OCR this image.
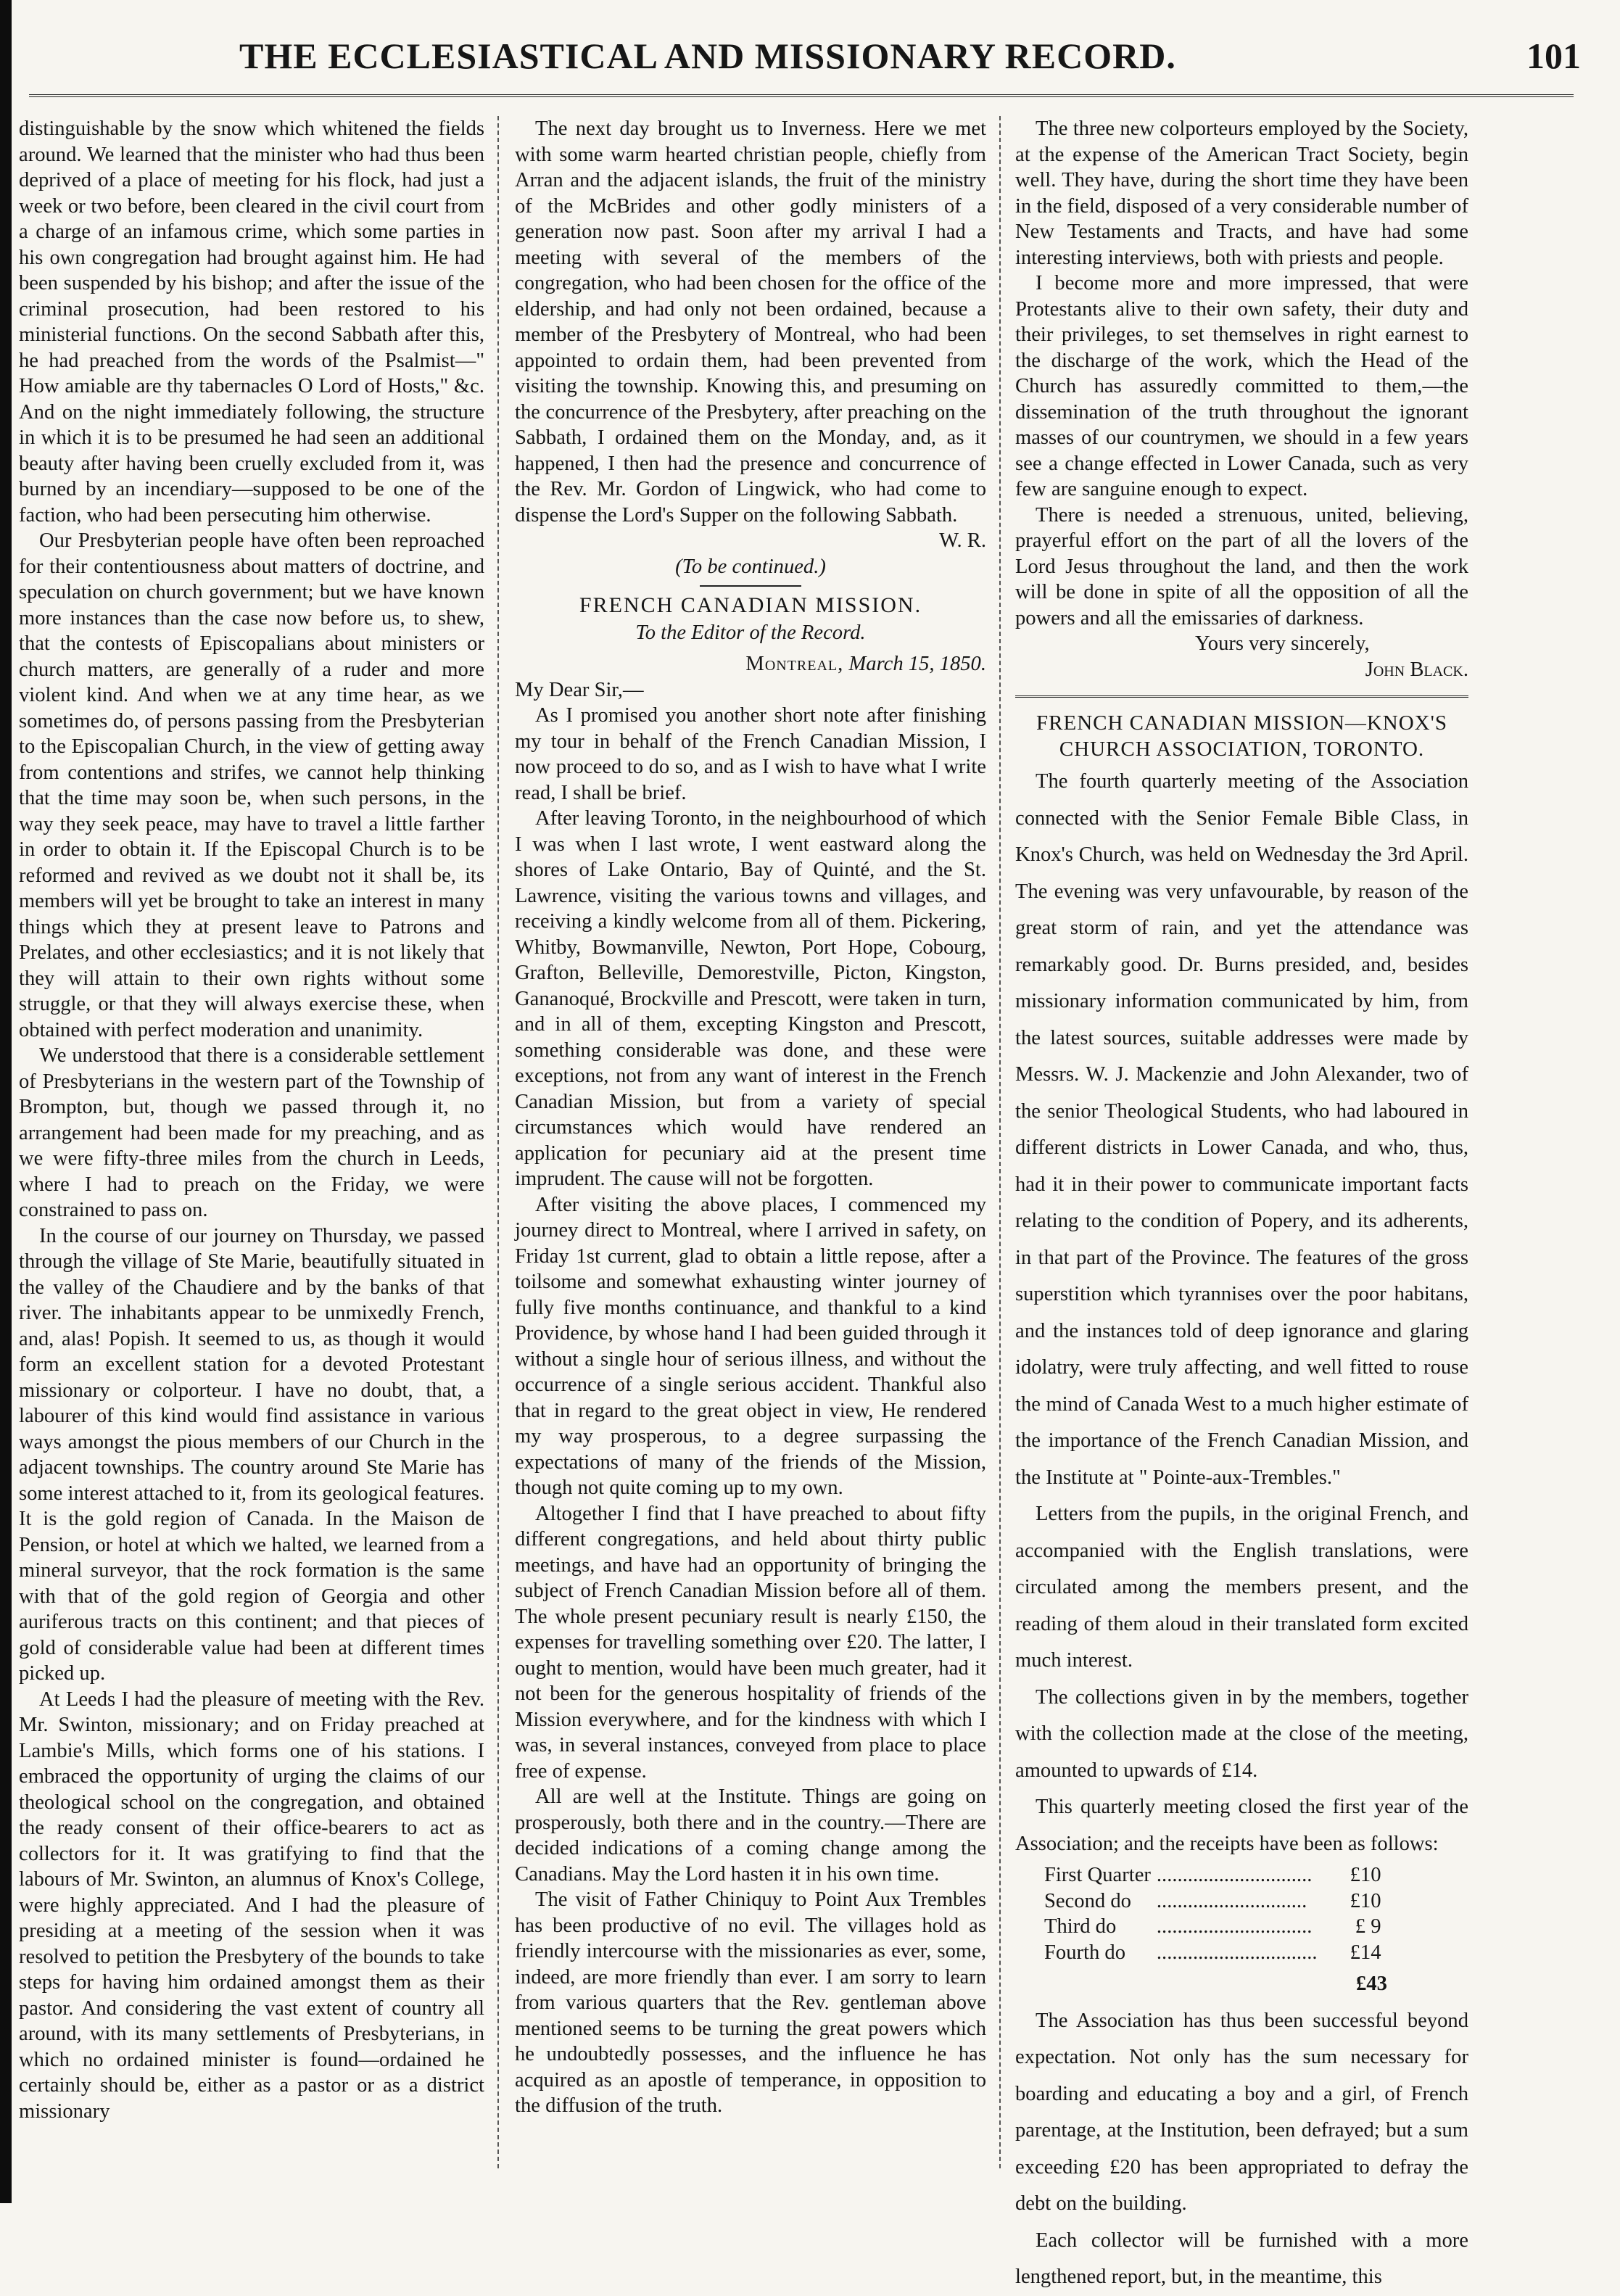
THE ECCLESIASTICAL AND MISSIONARY RECORD.	101

distinguishable by the snow which whitened the fields around. We learned that the minister who had thus been deprived of a place of meeting for his flock, had just a week or two before, been cleared in the civil court from a charge of an infamous crime, which some parties in his own congregation had brought against him. He had been suspended by his bishop; and after the issue of the criminal prosecution, had been restored to his ministerial functions. On the second Sabbath after this, he had preached from the words of the Psalmist—" How amiable are thy tabernacles O Lord of Hosts," &c. And on the night immediately following, the structure in which it is to be presumed he had seen an additional beauty after having been cruelly excluded from it, was burned by an incendiary—supposed to be one of the faction, who had been persecuting him otherwise.

Our Presbyterian people have often been reproached for their contentiousness about matters of doctrine, and speculation on church government; but we have known more instances than the case now before us, to shew, that the contests of Episcopalians about ministers or church matters, are generally of a ruder and more violent kind. And when we at any time hear, as we sometimes do, of persons passing from the Presbyterian to the Episcopalian Church, in the view of getting away from contentions and strifes, we cannot help thinking that the time may soon be, when such persons, in the way they seek peace, may have to travel a little farther in order to obtain it. If the Episcopal Church is to be reformed and revived as we doubt not it shall be, its members will yet be brought to take an interest in many things which they at present leave to Patrons and Prelates, and other ecclesiastics; and it is not likely that they will attain to their own rights without some struggle, or that they will always exercise these, when obtained with perfect moderation and unanimity.

We understood that there is a considerable settlement of Presbyterians in the western part of the Township of Brompton, but, though we passed through it, no arrangement had been made for my preaching, and as we were fifty-three miles from the church in Leeds, where I had to preach on the Friday, we were constrained to pass on.

In the course of our journey on Thursday, we passed through the village of Ste Marie, beautifully situated in the valley of the Chaudiere and by the banks of that river. The inhabitants appear to be unmixedly French, and, alas! Popish. It seemed to us, as though it would form an excellent station for a devoted Protestant missionary or colporteur. I have no doubt, that, a labourer of this kind would find assistance in various ways amongst the pious members of our Church in the adjacent townships. The country around Ste Marie has some interest attached to it, from its geological features. It is the gold region of Canada. In the Maison de Pension, or hotel at which we halted, we learned from a mineral surveyor, that the rock formation is the same with that of the gold region of Georgia and other auriferous tracts on this continent; and that pieces of gold of considerable value had been at different times picked up.

At Leeds I had the pleasure of meeting with the Rev. Mr. Swinton, missionary; and on Friday preached at Lambie's Mills, which forms one of his stations. I embraced the opportunity of urging the claims of our theological school on the congregation, and obtained the ready consent of their office-bearers to act as collectors for it. It was gratifying to find that the labours of Mr. Swinton, an alumnus of Knox's College, were highly appreciated. And I had the pleasure of presiding at a meeting of the session when it was resolved to petition the Presbytery of the bounds to take steps for having him ordained amongst them as their pastor. And considering the vast extent of country all around, with its many settlements of Presbyterians, in which no ordained minister is found—ordained he certainly should be, either as a pastor or as a district missionary

The next day brought us to Inverness. Here we met with some warm hearted christian people, chiefly from Arran and the adjacent islands, the fruit of the ministry of the McBrides and other godly ministers of a generation now past. Soon after my arrival I had a meeting with several of the members of the congregation, who had been chosen for the office of the eldership, and had only not been ordained, because a member of the Presbytery of Montreal, who had been appointed to ordain them, had been prevented from visiting the township. Knowing this, and presuming on the concurrence of the Presbytery, after preaching on the Sabbath, I ordained them on the Monday, and, as it happened, I then had the presence and concurrence of the Rev. Mr. Gordon of Lingwick, who had come to dispense the Lord's Supper on the following Sabbath.
W. R.

(To be continued.)

FRENCH CANADIAN MISSION.

To the Editor of the Record.

Montreal, March 15, 1850.

My Dear Sir,—

As I promised you another short note after finishing my tour in behalf of the French Canadian Mission, I now proceed to do so, and as I wish to have what I write read, I shall be brief.

After leaving Toronto, in the neighbourhood of which I was when I last wrote, I went eastward along the shores of Lake Ontario, Bay of Quinté, and the St. Lawrence, visiting the various towns and villages, and receiving a kindly welcome from all of them. Pickering, Whitby, Bowmanville, Newton, Port Hope, Cobourg, Grafton, Belleville, Demorestville, Picton, Kingston, Gananoqué, Brockville and Prescott, were taken in turn, and in all of them, excepting Kingston and Prescott, something considerable was done, and these were exceptions, not from any want of interest in the French Canadian Mission, but from a variety of special circumstances which would have rendered an application for pecuniary aid at the present time imprudent. The cause will not be forgotten.

After visiting the above places, I commenced my journey direct to Montreal, where I arrived in safety, on Friday 1st current, glad to obtain a little repose, after a toilsome and somewhat exhausting winter journey of fully five months continuance, and thankful to a kind Providence, by whose hand I had been guided through it without a single hour of serious illness, and without the occurrence of a single serious accident. Thankful also that in regard to the great object in view, He rendered my way prosperous, to a degree surpassing the expectations of many of the friends of the Mission, though not quite coming up to my own.

Altogether I find that I have preached to about fifty different congregations, and held about thirty public meetings, and have had an opportunity of bringing the subject of French Canadian Mission before all of them. The whole present pecuniary result is nearly £150, the expenses for travelling something over £20. The latter, I ought to mention, would have been much greater, had it not been for the generous hospitality of friends of the Mission everywhere, and for the kindness with which I was, in several instances, conveyed from place to place free of expense.

All are well at the Institute. Things are going on prosperously, both there and in the country.—There are decided indications of a coming change among the Canadians. May the Lord hasten it in his own time.

The visit of Father Chiniquy to Point Aux Trembles has been productive of no evil. The villages hold as friendly intercourse with the missionaries as ever, some, indeed, are more friendly than ever. I am sorry to learn from various quarters that the Rev. gentleman above mentioned seems to be turning the great powers which he undoubtedly possesses, and the influence he has acquired as an apostle of temperance, in opposition to the diffusion of the truth.

The three new colporteurs employed by the Society, at the expense of the American Tract Society, begin well. They have, during the short time they have been in the field, disposed of a very considerable number of New Testaments and Tracts, and have had some interesting interviews, both with priests and people.

I become more and more impressed, that were Protestants alive to their own safety, their duty and their privileges, to set themselves in right earnest to the discharge of the work, which the Head of the Church has assuredly committed to them,—the dissemination of the truth throughout the ignorant masses of our countrymen, we should in a few years see a change effected in Lower Canada, such as very few are sanguine enough to expect.

There is needed a strenuous, united, believing, prayerful effort on the part of all the lovers of the Lord Jesus throughout the land, and then the work will be done in spite of all the opposition of all the powers and all the emissaries of darkness.

Yours very sincerely,

John Black.

FRENCH CANADIAN MISSION—KNOX'S CHURCH ASSOCIATION, TORONTO.

The fourth quarterly meeting of the Association connected with the Senior Female Bible Class, in Knox's Church, was held on Wednesday the 3rd April. The evening was very unfavourable, by reason of the great storm of rain, and yet the attendance was remarkably good. Dr. Burns presided, and, besides missionary information communicated by him, from the latest sources, suitable addresses were made by Messrs. W. J. Mackenzie and John Alexander, two of the senior Theological Students, who had laboured in different districts in Lower Canada, and who, thus, had it in their power to communicate important facts relating to the condition of Popery, and its adherents, in that part of the Province. The features of the gross superstition which tyrannises over the poor habitans, and the instances told of deep ignorance and glaring idolatry, were truly affecting, and well fitted to rouse the mind of Canada West to a much higher estimate of the importance of the French Canadian Mission, and the Institute at " Pointe-aux-Trembles."

Letters from the pupils, in the original French, and accompanied with the English translations, were circulated among the members present, and the reading of them aloud in their translated form excited much interest.

The collections given in by the members, together with the collection made at the close of the meeting, amounted to upwards of £14.

This quarterly meeting closed the first year of the Association; and the receipts have been as follows:

First Quarter	..............................	£10
Second do	.............................	£10
Third do	..............................	£ 9
Fourth do	...............................	£14
£43

The Association has thus been successful beyond expectation. Not only has the sum necessary for boarding and educating a boy and a girl, of French parentage, at the Institution, been defrayed; but a sum exceeding £20 has been appropriated to defray the debt on the building.

Each collector will be furnished with a more lengthened report, but, in the meantime, this
